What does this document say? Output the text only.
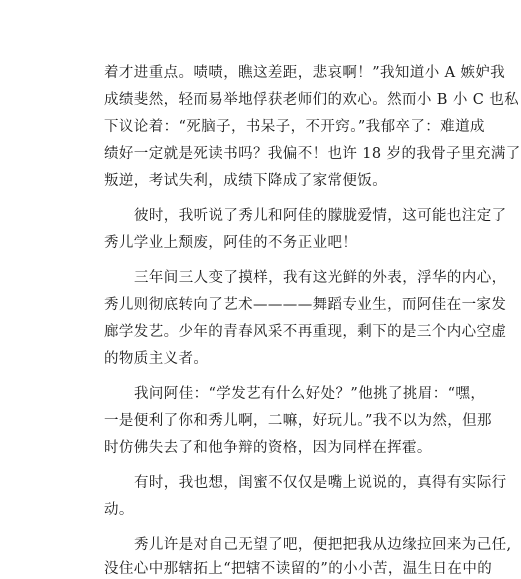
着才进重点。啧啧，瞧这差距，悲哀啊！”我知道小 A 嫉妒我
成绩斐然，轻而易举地俘获老师们的欢心。然而小 B 小 C 也私
下议论着：“死脑子，书呆子，不开窍。”我郁卒了：难道成
绩好一定就是死读书吗？我偏不！也许 18 岁的我骨子里充满了
叛逆，考试失利，成绩下降成了家常便饭。
彼时，我听说了秀儿和阿佳的朦胧爱情，这可能也注定了
秀儿学业上颓废，阿佳的不务正业吧！
三年间三人变了摸样，我有这光鲜的外表，浮华的内心，
秀儿则彻底转向了艺术————舞蹈专业生，而阿佳在一家发
廊学发艺。少年的青春风采不再重现，剩下的是三个内心空虚
的物质主义者。
我问阿佳：“学发艺有什么好处？”他挑了挑眉：“嘿，
一是便利了你和秀儿啊，二嘛，好玩儿。”我不以为然，但那
时仿佛失去了和他争辩的资格，因为同样在挥霍。
有时，我也想，闺蜜不仅仅是嘴上说说的，真得有实际行
动。
秀儿许是对自己无望了吧，便把把我从边缘拉回来为己任,
没住心中那辖拓上“把辖不读留的”的小小苦，温生日在中的
